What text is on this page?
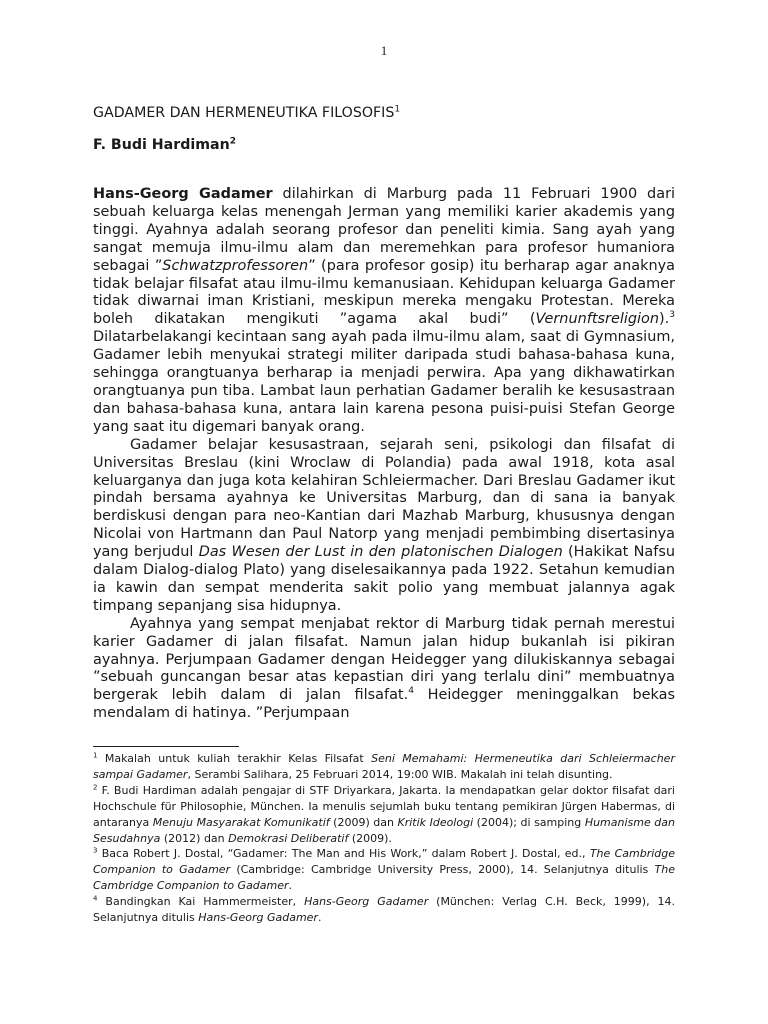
1
GADAMER DAN HERMENEUTIKA FILOSOFIS$^1$
F. Budi Hardiman$^2$

Hans-Georg Gadamer dilahirkan di Marburg pada 11 Februari 1900 dari sebuah keluarga kelas menengah Jerman yang memiliki karier akademis yang tinggi. Ayahnya adalah seorang profesor dan peneliti kimia. Sang ayah yang sangat memuja ilmu-ilmu alam dan meremehkan para profesor humaniora sebagai ”Schwatzprofessoren” (para profesor gosip) itu berharap agar anaknya tidak belajar filsafat atau ilmu-ilmu kemanusiaan. Kehidupan keluarga Gadamer tidak diwarnai iman Kristiani, meskipun mereka mengaku Protestan. Mereka boleh dikatakan mengikuti ”agama akal budi” (Vernunftsreligion).$^3$ Dilatarbelakangi kecintaan sang ayah pada ilmu-ilmu alam, saat di Gymnasium, Gadamer lebih menyukai strategi militer daripada studi bahasa-bahasa kuna, sehingga orangtuanya berharap ia menjadi perwira. Apa yang dikhawatirkan orangtuanya pun tiba. Lambat laun perhatian Gadamer beralih ke kesusastraan dan bahasa-bahasa kuna, antara lain karena pesona puisi-puisi Stefan George yang saat itu digemari banyak orang.

Gadamer belajar kesusastraan, sejarah seni, psikologi dan filsafat di Universitas Breslau (kini Wroclaw di Polandia) pada awal 1918, kota asal keluarganya dan juga kota kelahiran Schleiermacher. Dari Breslau Gadamer ikut pindah bersama ayahnya ke Universitas Marburg, dan di sana ia banyak berdiskusi dengan para neo-Kantian dari Mazhab Marburg, khususnya dengan Nicolai von Hartmann dan Paul Natorp yang menjadi pembimbing disertasinya yang berjudul Das Wesen der Lust in den platonischen Dialogen (Hakikat Nafsu dalam Dialog-dialog Plato) yang diselesaikannya pada 1922. Setahun kemudian ia kawin dan sempat menderita sakit polio yang membuat jalannya agak timpang sepanjang sisa hidupnya.

Ayahnya yang sempat menjabat rektor di Marburg tidak pernah merestui karier Gadamer di jalan filsafat. Namun jalan hidup bukanlah isi pikiran ayahnya. Perjumpaan Gadamer dengan Heidegger yang dilukiskannya sebagai ”sebuah guncangan besar atas kepastian diri yang terlalu dini” membuatnya bergerak lebih dalam di jalan filsafat.$^4$ Heidegger meninggalkan bekas mendalam di hatinya. ”Perjumpaan

$^1$ Makalah untuk kuliah terakhir Kelas Filsafat Seni Memahami: Hermeneutika dari Schleiermacher sampai Gadamer, Serambi Salihara, 25 Februari 2014, 19:00 WIB. Makalah ini telah disunting.

$^2$ F. Budi Hardiman adalah pengajar di STF Driyarkara, Jakarta. Ia mendapatkan gelar doktor filsafat dari Hochschule für Philosophie, München. Ia menulis sejumlah buku tentang pemikiran Jürgen Habermas, di antaranya Menuju Masyarakat Komunikatif (2009) dan Kritik Ideologi (2004); di samping Humanisme dan Sesudahnya (2012) dan Demokrasi Deliberatif (2009).

$^3$ Baca Robert J. Dostal, “Gadamer: The Man and His Work,” dalam Robert J. Dostal, ed., The Cambridge Companion to Gadamer (Cambridge: Cambridge University Press, 2000), 14. Selanjutnya ditulis The Cambridge Companion to Gadamer.

$^4$ Bandingkan Kai Hammermeister, Hans-Georg Gadamer (München: Verlag C.H. Beck, 1999), 14. Selanjutnya ditulis Hans-Georg Gadamer.
